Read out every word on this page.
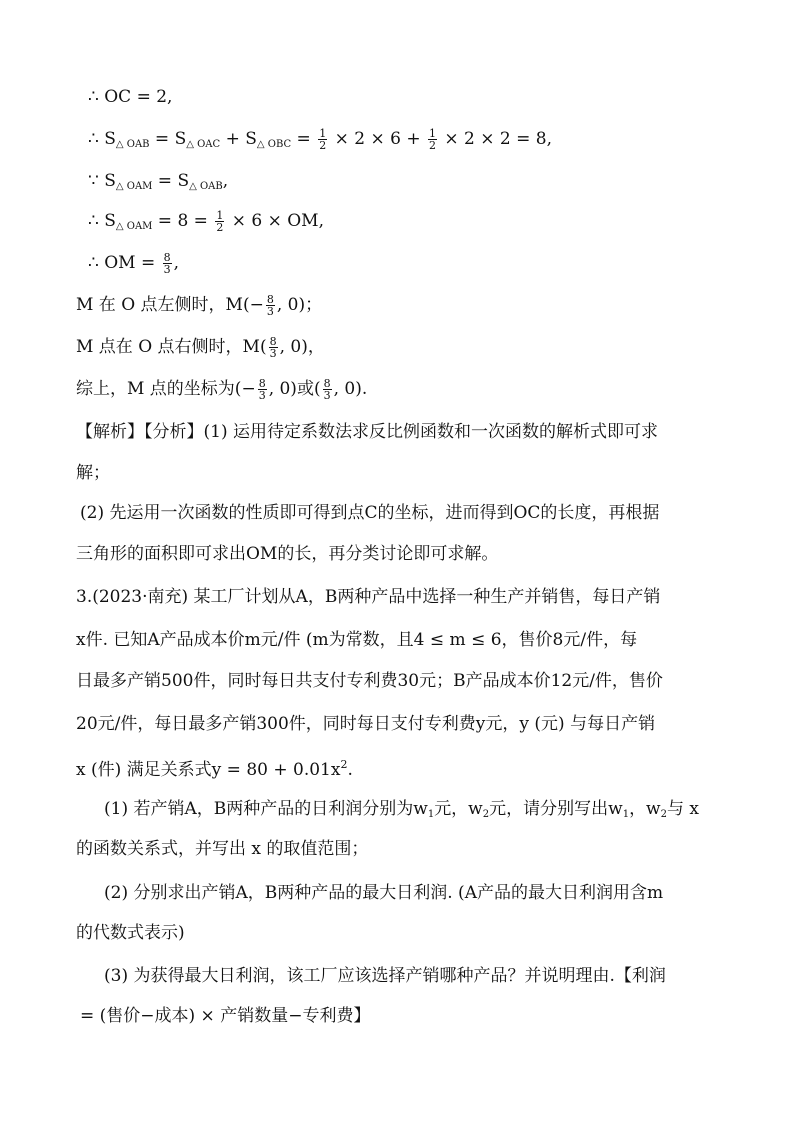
∴ OC = 2,
∴ $S_{\triangle OAB} = S_{\triangle OAC} + S_{\triangle OBC} = \frac{1}{2} \times 2 \times 6 + \frac{1}{2} \times 2 \times 2 = 8$,
∵ $S_{\triangle OAM} = S_{\triangle OAB}$,
∴ $S_{\triangle OAM} = 8 = \frac{1}{2} \times 6$ × OM,
∴ OM = $\frac{8}{3}$ ,
M 在 O 点左侧时，$M(- \frac{8}{3}$ , 0)；
M 点在 O 点右侧时，$M( \frac{8}{3}$ , 0)，
综上，M 点的坐标为(− $\frac{8}{3}$ , 0)或( $\frac{8}{3}$ , 0).
【解析】【分析】(1) 运用待定系数法求反比例函数和一次函数的解析式即可求
解；
(2) 先运用一次函数的性质即可得到点C的坐标，进而得到OC的长度，再根据
三角形的面积即可求出OM的长，再分类讨论即可求解。
3.(2023·南充) 某工厂计划从A，B两种产品中选择一种生产并销售，每日产销
x件. 已知A产品成本价m元/件 (m为常数，且4 ≤ m ≤ 6，售价8元/件，每
日最多产销500件，同时每日共支付专利费30元；B产品成本价12元/件，售价
20元/件，每日最多产销300件，同时每日支付专利费y元，y (元) 与每日产销
x (件) 满足关系式$y = 80 + 0.01x^2$.
(1) 若产销A，B两种产品的日利润分别为$w_1$元，$w_2$元，请分别写出$w_1$，$w_2$与 x
的函数关系式，并写出 x 的取值范围；
(2) 分别求出产销A，B两种产品的最大日利润. (A产品的最大日利润用含m
的代数式表示)
(3) 为获得最大日利润，该工厂应该选择产销哪种产品？并说明理由.【利润
= (售价−成本) × 产销数量−专利费】
